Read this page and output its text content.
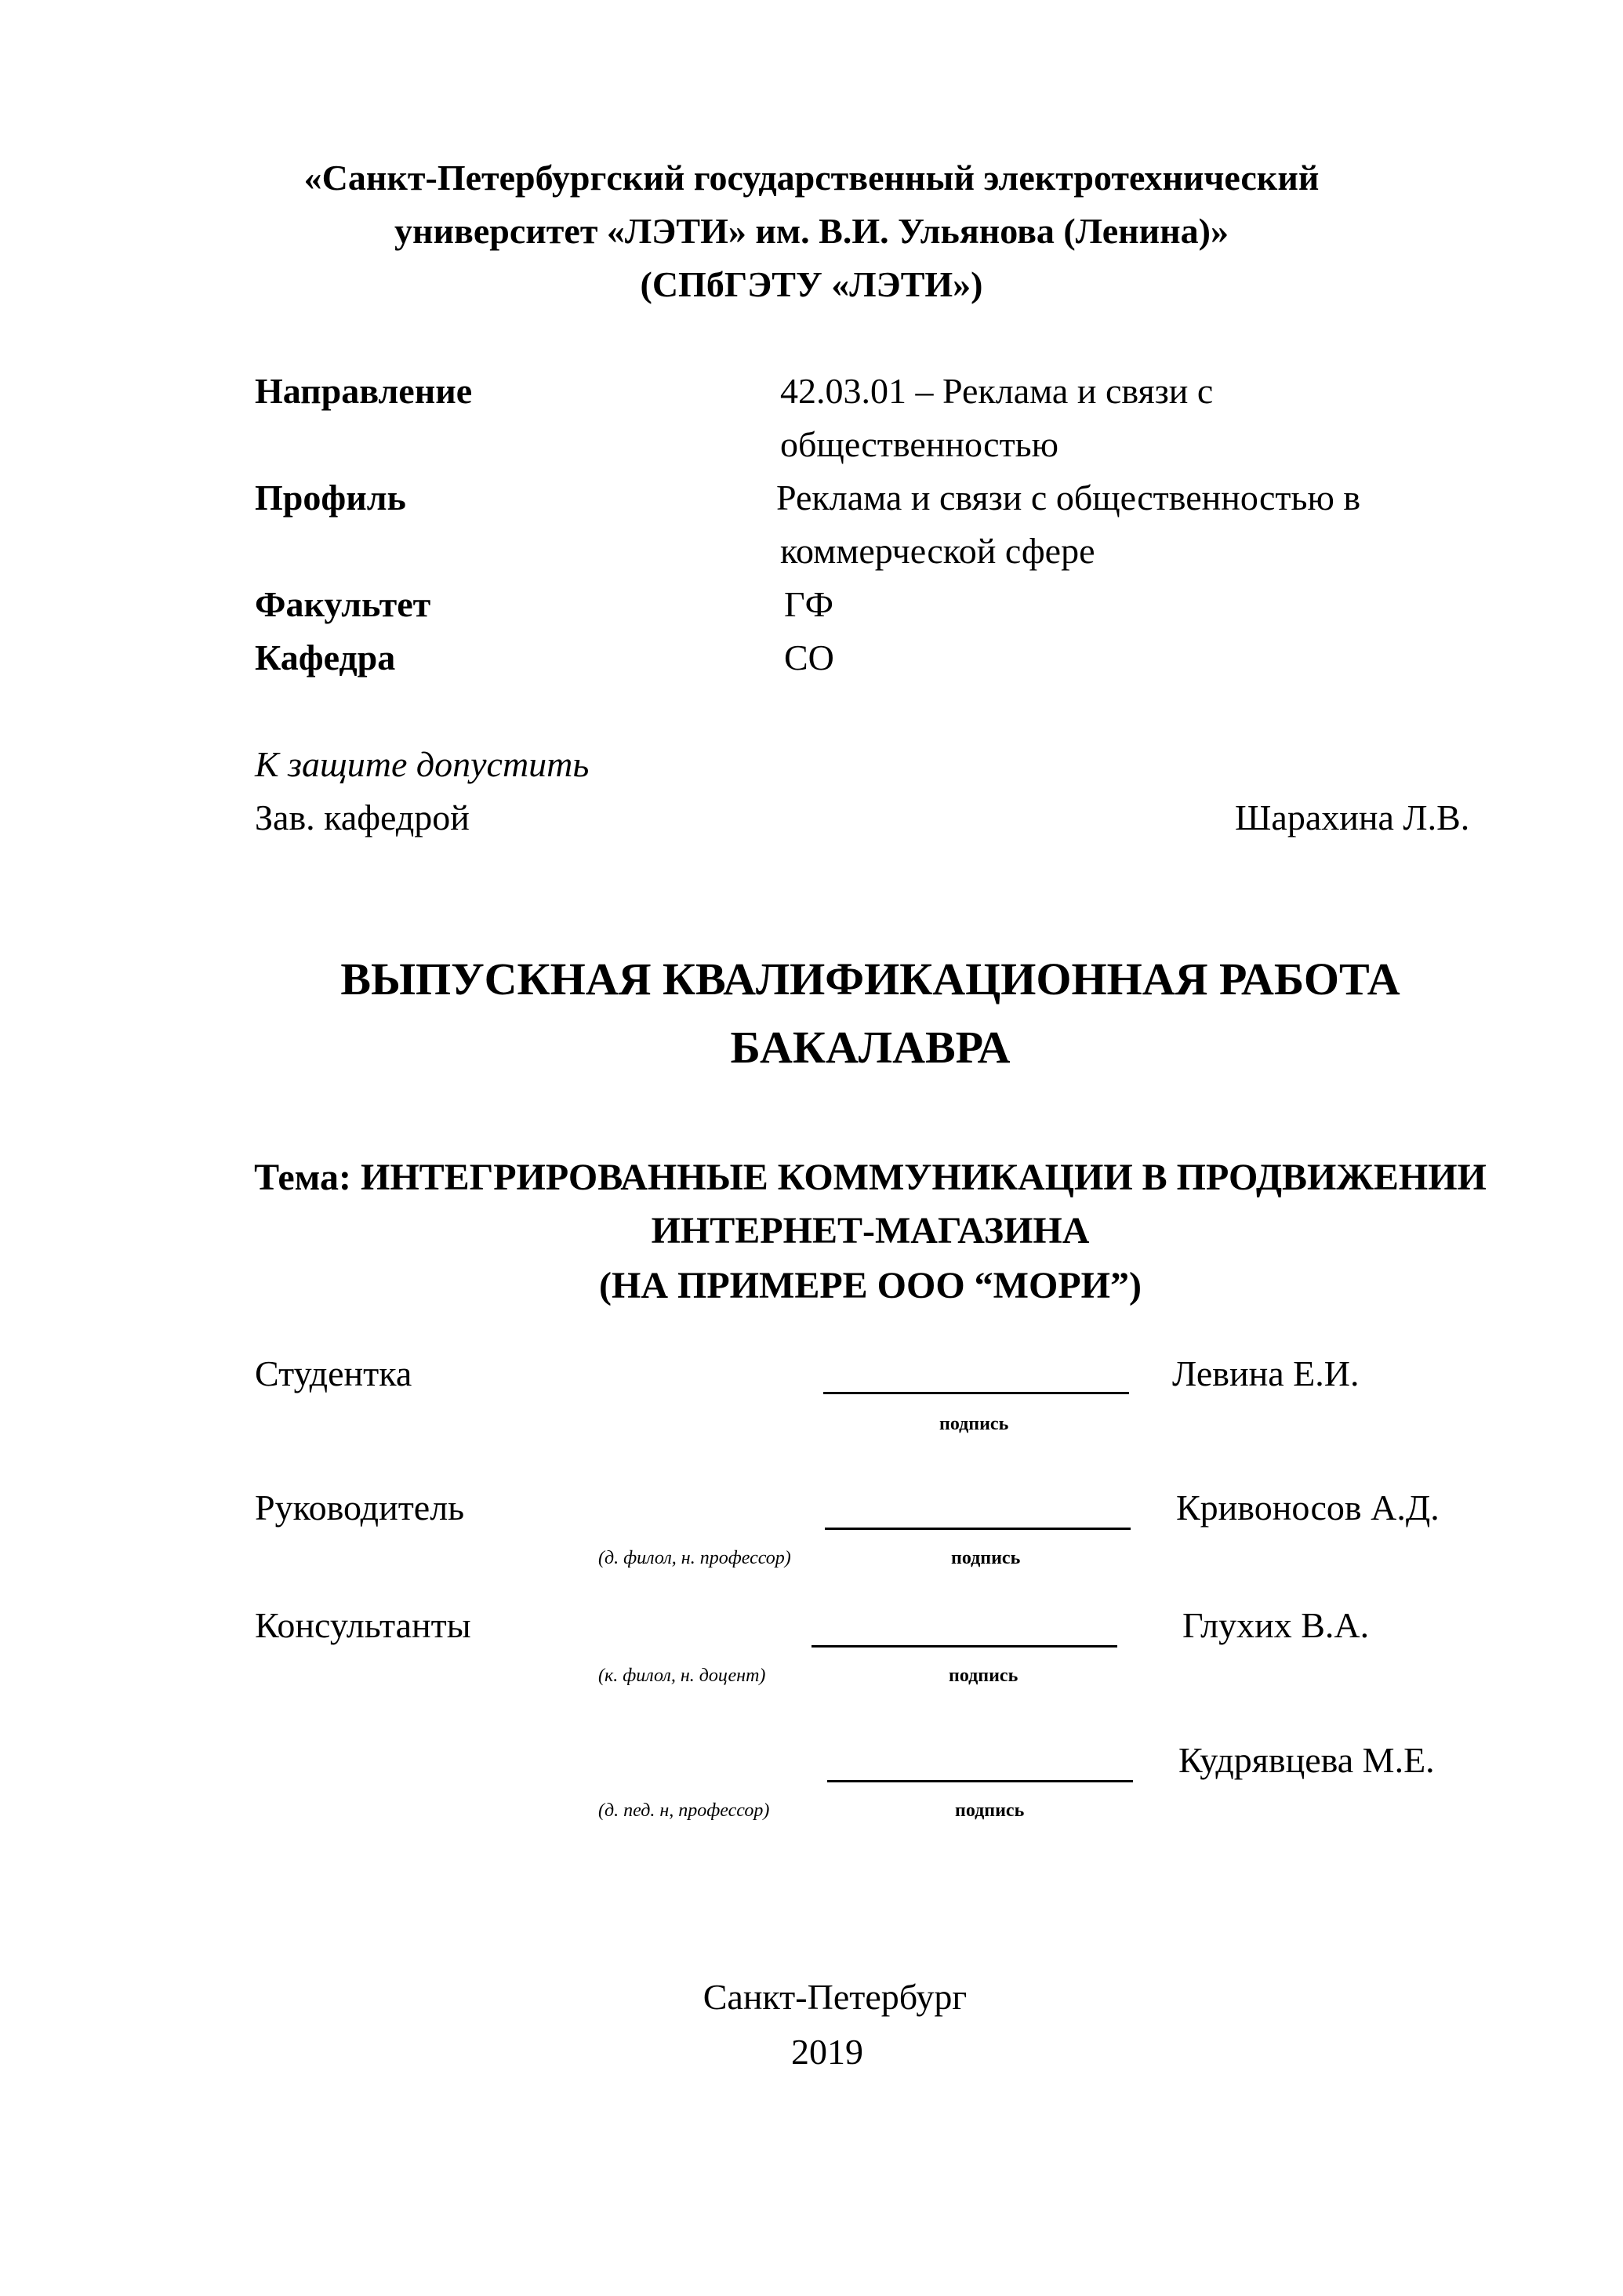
«Санкт-Петербургский государственный электротехнический
университет «ЛЭТИ» им. В.И. Ульянова (Ленина)»
(СПбГЭТУ «ЛЭТИ»)
Направление	42.03.01 – Реклама и связи с
общественностью
Профиль	Реклама и связи с общественностью в
коммерческой сфере
Факультет	ГФ
Кафедра	СО
К защите допустить
Зав. кафедрой	Шарахина Л.В.
ВЫПУСКНАЯ КВАЛИФИКАЦИОННАЯ РАБОТА
БАКАЛАВРА
Тема: ИНТЕГРИРОВАННЫЕ КОММУНИКАЦИИ В ПРОДВИЖЕНИИ
ИНТЕРНЕТ-МАГАЗИНА
(НА ПРИМЕРЕ ООО “МОРИ”)
Студентка	Левина Е.И.
подпись
Руководитель	Кривоносов А.Д.
(д. филол, н. профессор)	подпись
Консультанты	Глухих В.А.
(к. филол, н. доцент)	подпись
Кудрявцева М.Е.
(д. пед. н, профессор)	подпись
Санкт-Петербург
2019
